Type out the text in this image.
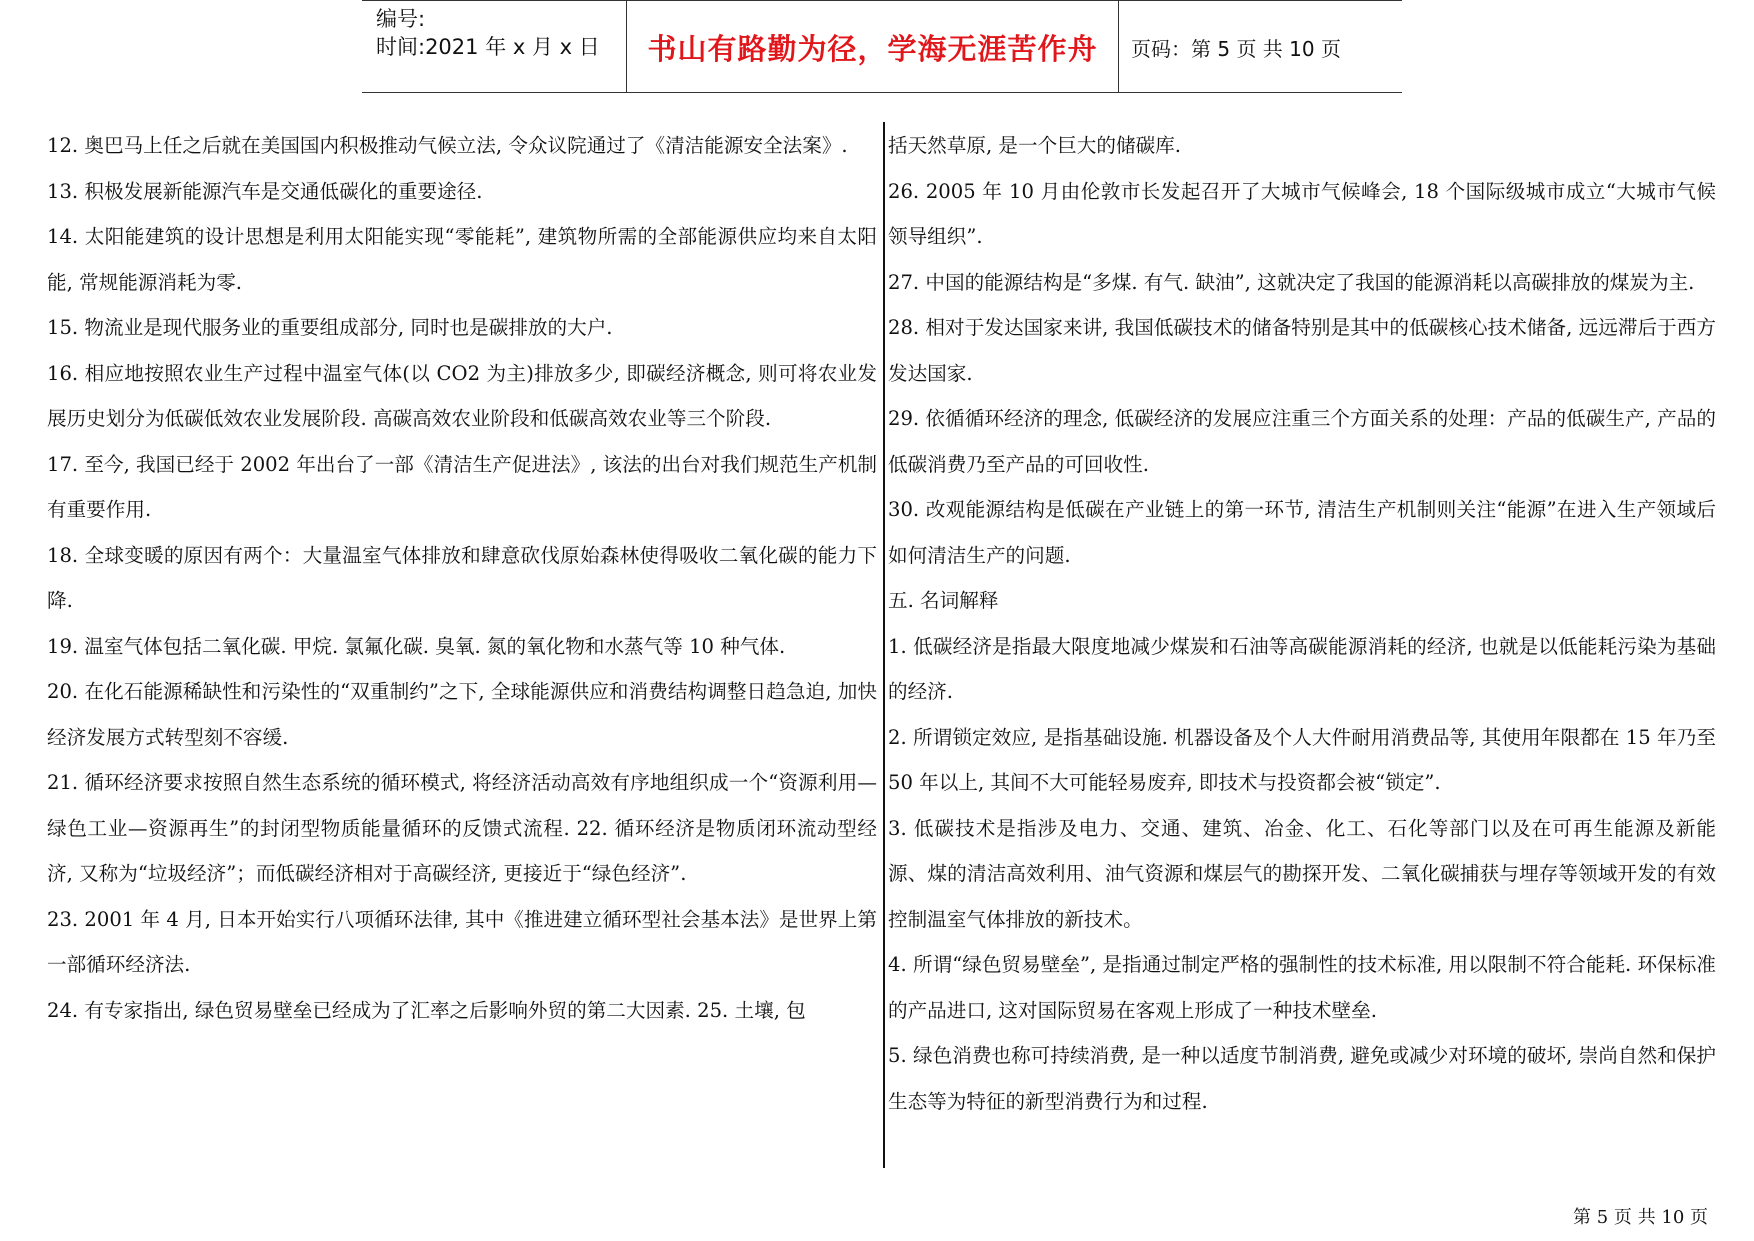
编号:
时间:2021 年 x 月 x 日 书山有路勤为径，学海无涯苦作舟 页码：第 5 页 共 10 页

12. 奥巴马上任之后就在美国国内积极推动气候立法, 令众议院通过了《清洁能源安全法案》.

13. 积极发展新能源汽车是交通低碳化的重要途径.

14. 太阳能建筑的设计思想是利用太阳能实现“零能耗”, 建筑物所需的全部能源供应均来自太阳能, 常规能源消耗为零.

15. 物流业是现代服务业的重要组成部分, 同时也是碳排放的大户.

16. 相应地按照农业生产过程中温室气体(以 CO2 为主)排放多少, 即碳经济概念, 则可将农业发展历史划分为低碳低效农业发展阶段. 高碳高效农业阶段和低碳高效农业等三个阶段.

17. 至今, 我国已经于 2002 年出台了一部《清洁生产促进法》, 该法的出台对我们规范生产机制有重要作用.

18. 全球变暖的原因有两个：大量温室气体排放和肆意砍伐原始森林使得吸收二氧化碳的能力下降.

19. 温室气体包括二氧化碳. 甲烷. 氯氟化碳. 臭氧. 氮的氧化物和水蒸气等 10 种气体.

20. 在化石能源稀缺性和污染性的“双重制约”之下, 全球能源供应和消费结构调整日趋急迫, 加快经济发展方式转型刻不容缓.

21. 循环经济要求按照自然生态系统的循环模式, 将经济活动高效有序地组织成一个“资源利用—绿色工业—资源再生”的封闭型物质能量循环的反馈式流程. 22. 循环经济是物质闭环流动型经济, 又称为“垃圾经济”；而低碳经济相对于高碳经济, 更接近于“绿色经济”.

23. 2001 年 4 月, 日本开始实行八项循环法律, 其中《推进建立循环型社会基本法》是世界上第一部循环经济法.

24. 有专家指出, 绿色贸易壁垒已经成为了汇率之后影响外贸的第二大因素. 25. 土壤, 包

括天然草原, 是一个巨大的储碳库.

26. 2005 年 10 月由伦敦市长发起召开了大城市气候峰会, 18 个国际级城市成立“大城市气候领导组织”.

27. 中国的能源结构是“多煤. 有气. 缺油”, 这就决定了我国的能源消耗以高碳排放的煤炭为主.

28. 相对于发达国家来讲, 我国低碳技术的储备特别是其中的低碳核心技术储备, 远远滞后于西方发达国家.

29. 依循循环经济的理念, 低碳经济的发展应注重三个方面关系的处理：产品的低碳生产, 产品的低碳消费乃至产品的可回收性.

30. 改观能源结构是低碳在产业链上的第一环节, 清洁生产机制则关注“能源”在进入生产领域后如何清洁生产的问题.

五. 名词解释

1. 低碳经济是指最大限度地减少煤炭和石油等高碳能源消耗的经济, 也就是以低能耗污染为基础的经济.

2. 所谓锁定效应, 是指基础设施. 机器设备及个人大件耐用消费品等, 其使用年限都在 15 年乃至 50 年以上, 其间不大可能轻易废弃, 即技术与投资都会被“锁定”.

3. 低碳技术是指涉及电力、交通、建筑、冶金、化工、石化等部门以及在可再生能源及新能源、煤的清洁高效利用、油气资源和煤层气的勘探开发、二氧化碳捕获与埋存等领域开发的有效控制温室气体排放的新技术。

4. 所谓“绿色贸易壁垒”, 是指通过制定严格的强制性的技术标准, 用以限制不符合能耗. 环保标准的产品进口, 这对国际贸易在客观上形成了一种技术壁垒.

5. 绿色消费也称可持续消费, 是一种以适度节制消费, 避免或减少对环境的破坏, 崇尚自然和保护生态等为特征的新型消费行为和过程.

第 5 页 共 10 页
